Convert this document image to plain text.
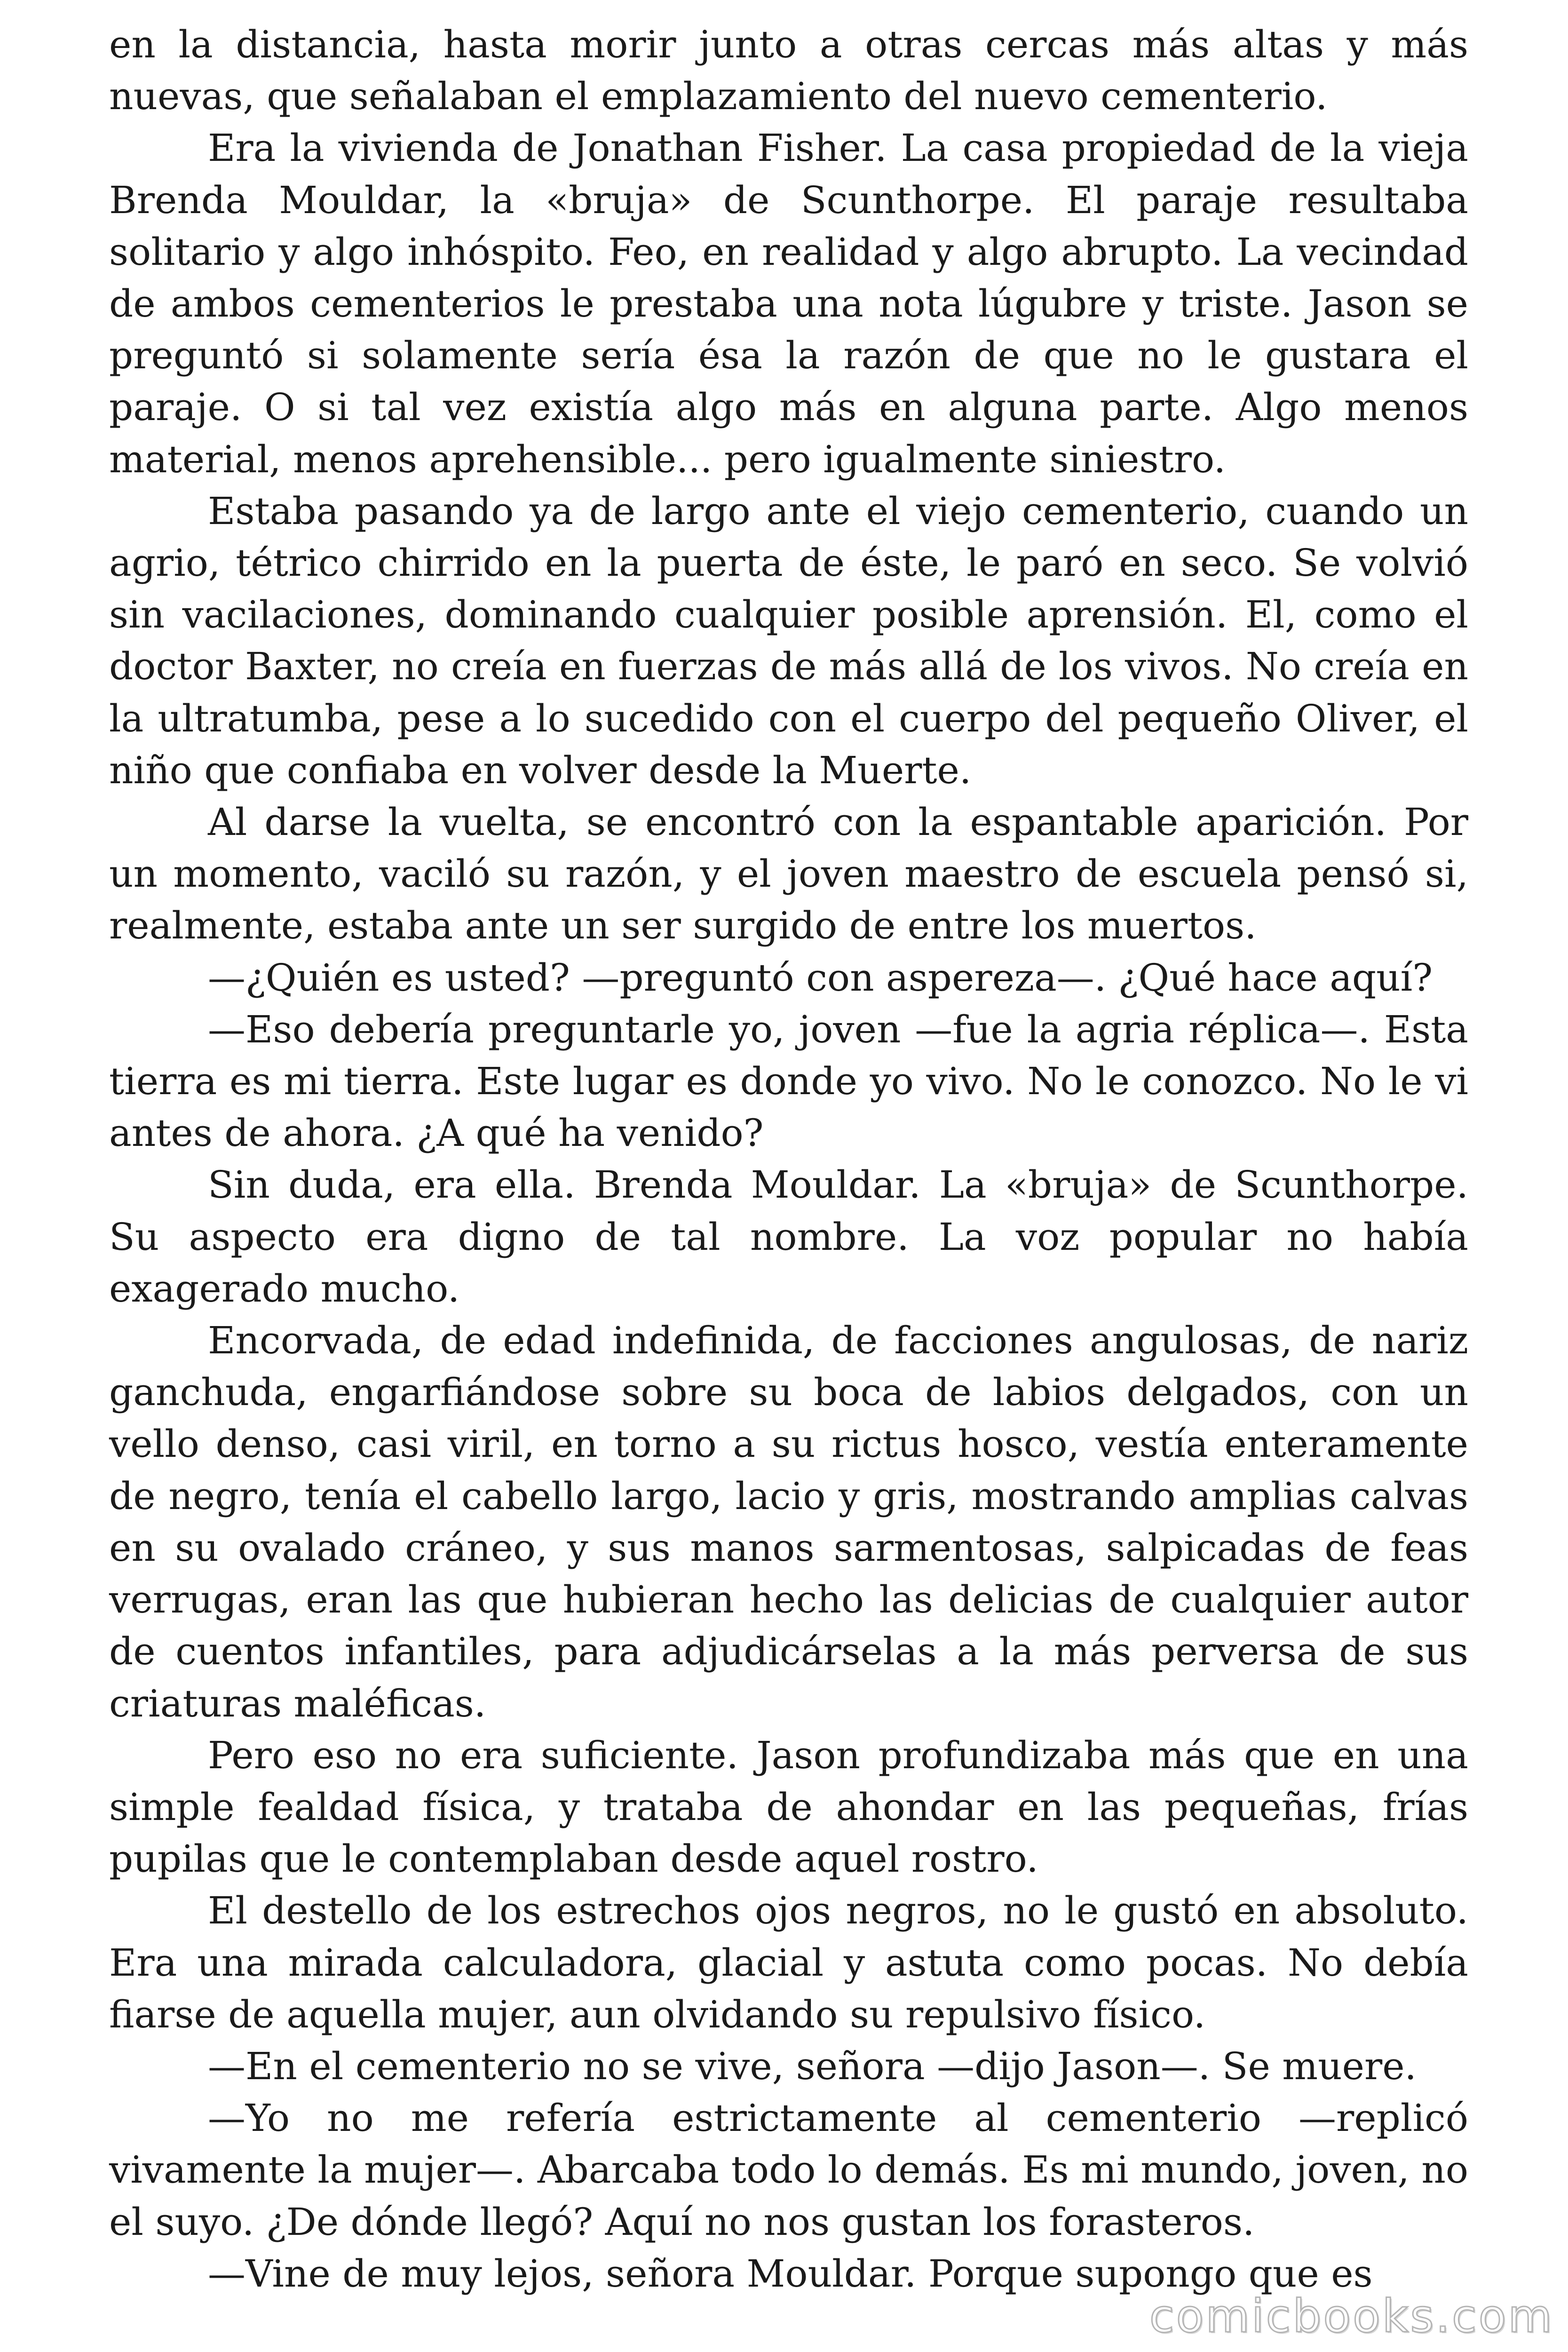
en la distancia, hasta morir junto a otras cercas más altas y más nuevas, que señalaban el emplazamiento del nuevo cementerio.

Era la vivienda de Jonathan Fisher. La casa propiedad de la vieja Brenda Mouldar, la «bruja» de Scunthorpe. El paraje resultaba solitario y algo inhóspito. Feo, en realidad y algo abrupto. La vecindad de ambos cementerios le prestaba una nota lúgubre y triste. Jason se preguntó si solamente sería ésa la razón de que no le gustara el paraje. O si tal vez existía algo más en alguna parte. Algo menos material, menos aprehensible... pero igualmente siniestro.

Estaba pasando ya de largo ante el viejo cementerio, cuando un agrio, tétrico chirrido en la puerta de éste, le paró en seco. Se volvió sin vacilaciones, dominando cualquier posible aprensión. El, como el doctor Baxter, no creía en fuerzas de más allá de los vivos. No creía en la ultratumba, pese a lo sucedido con el cuerpo del pequeño Oliver, el niño que confiaba en volver desde la Muerte.

Al darse la vuelta, se encontró con la espantable aparición. Por un momento, vaciló su razón, y el joven maestro de escuela pensó si, realmente, estaba ante un ser surgido de entre los muertos.

—¿Quién es usted? —preguntó con aspereza—. ¿Qué hace aquí?

—Eso debería preguntarle yo, joven —fue la agria réplica—. Esta tierra es mi tierra. Este lugar es donde yo vivo. No le conozco. No le vi antes de ahora. ¿A qué ha venido?

Sin duda, era ella. Brenda Mouldar. La «bruja» de Scunthorpe. Su aspecto era digno de tal nombre. La voz popular no había exagerado mucho.

Encorvada, de edad indefinida, de facciones angulosas, de nariz ganchuda, engarfiándose sobre su boca de labios delgados, con un vello denso, casi viril, en torno a su rictus hosco, vestía enteramente de negro, tenía el cabello largo, lacio y gris, mostrando amplias calvas en su ovalado cráneo, y sus manos sarmentosas, salpicadas de feas verrugas, eran las que hubieran hecho las delicias de cualquier autor de cuentos infantiles, para adjudicárselas a la más perversa de sus criaturas maléficas.

Pero eso no era suficiente. Jason profundizaba más que en una simple fealdad física, y trataba de ahondar en las pequeñas, frías pupilas que le contemplaban desde aquel rostro.

El destello de los estrechos ojos negros, no le gustó en absoluto. Era una mirada calculadora, glacial y astuta como pocas. No debía fiarse de aquella mujer, aun olvidando su repulsivo físico.

—En el cementerio no se vive, señora —dijo Jason—. Se muere.

—Yo no me refería estrictamente al cementerio —replicó vivamente la mujer—. Abarcaba todo lo demás. Es mi mundo, joven, no el suyo. ¿De dónde llegó? Aquí no nos gustan los forasteros.

—Vine de muy lejos, señora Mouldar. Porque supongo que es

comicbooks.com
